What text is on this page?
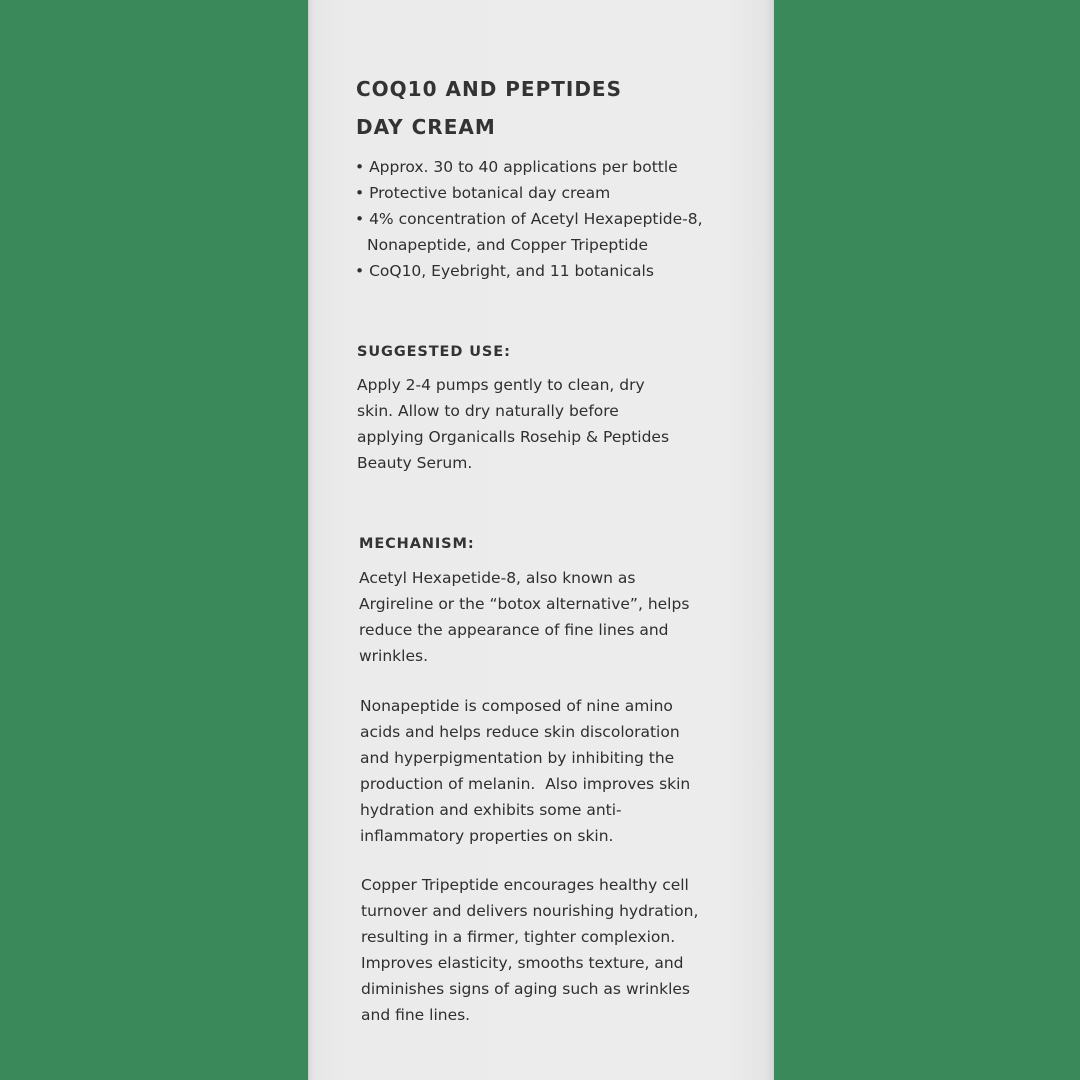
COQ10 AND PEPTIDES
DAY CREAM
• Approx. 30 to 40 applications per bottle
• Protective botanical day cream
• 4% concentration of Acetyl Hexapeptide-8,
Nonapeptide, and Copper Tripeptide
• CoQ10, Eyebright, and 11 botanicals
SUGGESTED USE:
Apply 2-4 pumps gently to clean, dry
skin. Allow to dry naturally before
applying Organicalls Rosehip & Peptides
Beauty Serum.
MECHANISM:
Acetyl Hexapetide-8, also known as
Argireline or the “botox alternative”, helps
reduce the appearance of fine lines and
wrinkles.
Nonapeptide is composed of nine amino
acids and helps reduce skin discoloration
and hyperpigmentation by inhibiting the
production of melanin.  Also improves skin
hydration and exhibits some anti-
inflammatory properties on skin.
Copper Tripeptide encourages healthy cell
turnover and delivers nourishing hydration,
resulting in a firmer, tighter complexion.
Improves elasticity, smooths texture, and
diminishes signs of aging such as wrinkles
and fine lines.
